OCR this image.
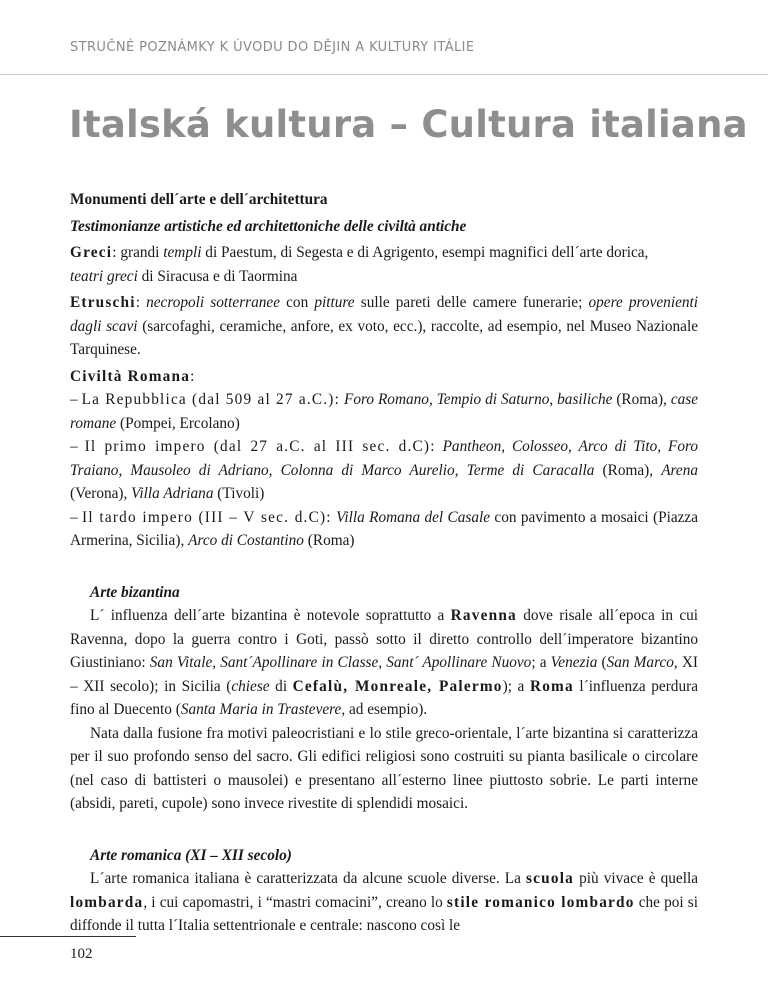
STRUČNÉ POZNÁMKY K ÚVODU DO DĚJIN A KULTURY ITÁLIE
Italská kultura – Cultura italiana

Monumenti dell´arte e dell´architettura

Testimonianze artistiche ed architettoniche delle civiltà antiche

Greci: grandi templi di Paestum, di Segesta e di Agrigento, esempi magnifici dell´arte dorica,
teatri greci di Siracusa e di Taormina

Etruschi: necropoli sotterranee con pitture sulle pareti delle camere funerarie; opere provenienti dagli scavi (sarcofaghi, ceramiche, anfore, ex voto, ecc.), raccolte, ad esempio, nel Museo Nazionale Tarquinese.

Civiltà Romana:

– La Repubblica (dal 509 al 27 a.C.): Foro Romano, Tempio di Saturno, basiliche (Roma), case romane (Pompei, Ercolano)

– Il primo impero (dal 27 a.C. al III sec. d.C): Pantheon, Colosseo, Arco di Tito, Foro Traiano, Mausoleo di Adriano, Colonna di Marco Aurelio, Terme di Caracalla (Roma), Arena (Verona), Villa Adriana (Tivoli)

– Il tardo impero (III – V sec. d.C): Villa Romana del Casale con pavimento a mosaici (Piazza Armerina, Sicilia), Arco di Costantino (Roma)

Arte bizantina

L´ influenza dell´arte bizantina è notevole soprattutto a Ravenna dove risale all´epoca in cui Ravenna, dopo la guerra contro i Goti, passò sotto il diretto controllo dell´imperatore bizantino Giustiniano: San Vitale, Sant´Apollinare in Classe, Sant´ Apollinare Nuovo; a Venezia (San Marco, XI – XII secolo); in Sicilia (chiese di Cefalù, Monreale, Palermo); a Roma l´influenza perdura fino al Duecento (Santa Maria in Trastevere, ad esempio).

Nata dalla fusione fra motivi paleocristiani e lo stile greco-orientale, l´arte bizantina si caratterizza per il suo profondo senso del sacro. Gli edifici religiosi sono costruiti su pianta basilicale o circolare (nel caso di battisteri o mausolei) e presentano all´esterno linee piuttosto sobrie. Le parti interne (absidi, pareti, cupole) sono invece rivestite di splendidi mosaici.

Arte romanica (XI – XII secolo)

L´arte romanica italiana è caratterizzata da alcune scuole diverse. La scuola più vivace è quella lombarda, i cui capomastri, i “mastri comacini”, creano lo stile romanico lombardo che poi si diffonde il tutta l´Italia settentrionale e centrale: nascono così le

102
